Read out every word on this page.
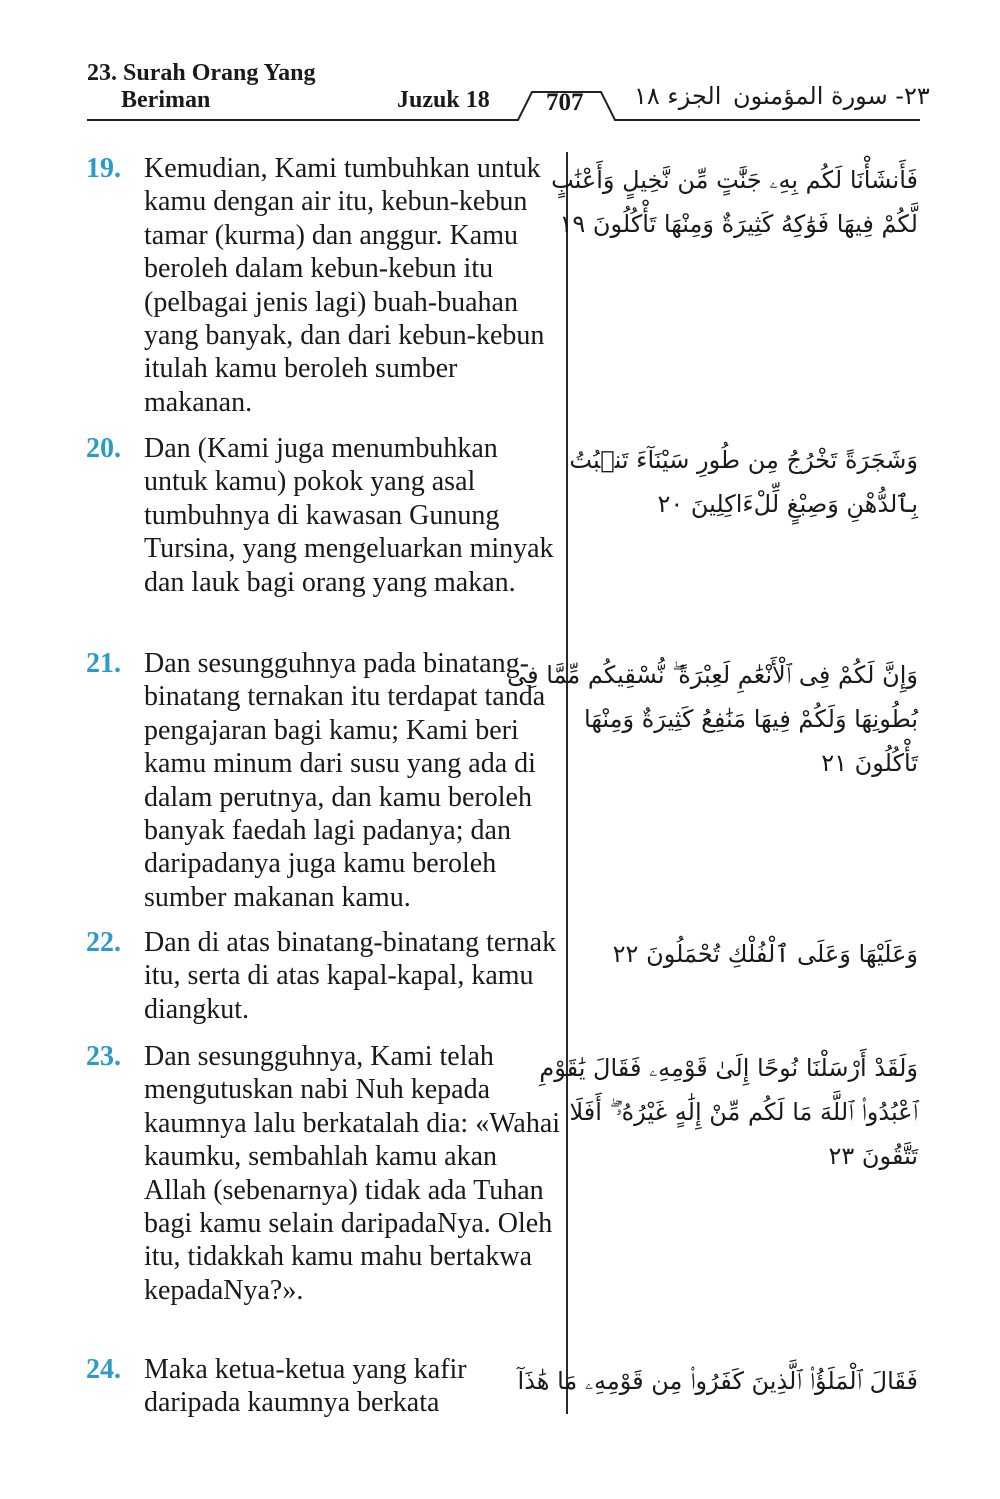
23. Surah Orang Yang
Beriman	Juzuk 18 707 الجزء ١٨ ٢٣- سورة المؤمنون
19. Kemudian, Kami tumbuhkan untuk kamu dengan air itu, kebun-kebun tamar (kurma) dan anggur. Kamu beroleh dalam kebun-kebun itu (pelbagai jenis lagi) buah-buahan yang banyak, dan dari kebun-kebun itulah kamu beroleh sumber makanan.
فَأَنشَأْنَا لَكُم بِهِۦ جَنَّٰتٍ مِّن نَّخِيلٍ وَأَعْنَٰبٍ
لَّكُمْ فِيهَا فَوَٰكِهُ كَثِيرَةٌ وَمِنْهَا تَأْكُلُونَ ١٩
20. Dan (Kami juga menumbuhkan untuk kamu) pokok yang asal tumbuhnya di kawasan Gunung Tursina, yang mengeluarkan minyak dan lauk bagi orang yang makan.
وَشَجَرَةً تَخْرُجُ مِن طُورِ سَيْنَآءَ تَنۢبُتُ
بِٱلدُّهْنِ وَصِبْغٍ لِّلْءَاكِلِينَ ٢٠
21. Dan sesungguhnya pada binatang-binatang ternakan itu terdapat tanda pengajaran bagi kamu; Kami beri kamu minum dari susu yang ada di dalam perutnya, dan kamu beroleh banyak faedah lagi padanya; dan daripadanya juga kamu beroleh sumber makanan kamu.
وَإِنَّ لَكُمْ فِى ٱلْأَنْعَٰمِ لَعِبْرَةً ۖ نُّسْقِيكُم مِّمَّا فِى
بُطُونِهَا وَلَكُمْ فِيهَا مَنَٰفِعُ كَثِيرَةٌ وَمِنْهَا
تَأْكُلُونَ ٢١
22. Dan di atas binatang-binatang ternak itu, serta di atas kapal-kapal, kamu diangkut.
وَعَلَيْهَا وَعَلَى ٱلْفُلْكِ تُحْمَلُونَ ٢٢
23. Dan sesungguhnya, Kami telah mengutuskan nabi Nuh kepada kaumnya lalu berkatalah dia: «Wahai kaumku, sembahlah kamu akan Allah (sebenarnya) tidak ada Tuhan bagi kamu selain daripadaNya. Oleh itu, tidakkah kamu mahu bertakwa kepadaNya?».
وَلَقَدْ أَرْسَلْنَا نُوحًا إِلَىٰ قَوْمِهِۦ فَقَالَ يَٰقَوْمِ
ٱعْبُدُوا۟ ٱللَّهَ مَا لَكُم مِّنْ إِلَٰهٍ غَيْرُهُۥٓ ۖ أَفَلَا
تَتَّقُونَ ٢٣
24. Maka ketua-ketua yang kafir daripada kaumnya berkata
فَقَالَ ٱلْمَلَؤُا۟ ٱلَّذِينَ كَفَرُوا۟ مِن قَوْمِهِۦ مَا هَٰذَآ
